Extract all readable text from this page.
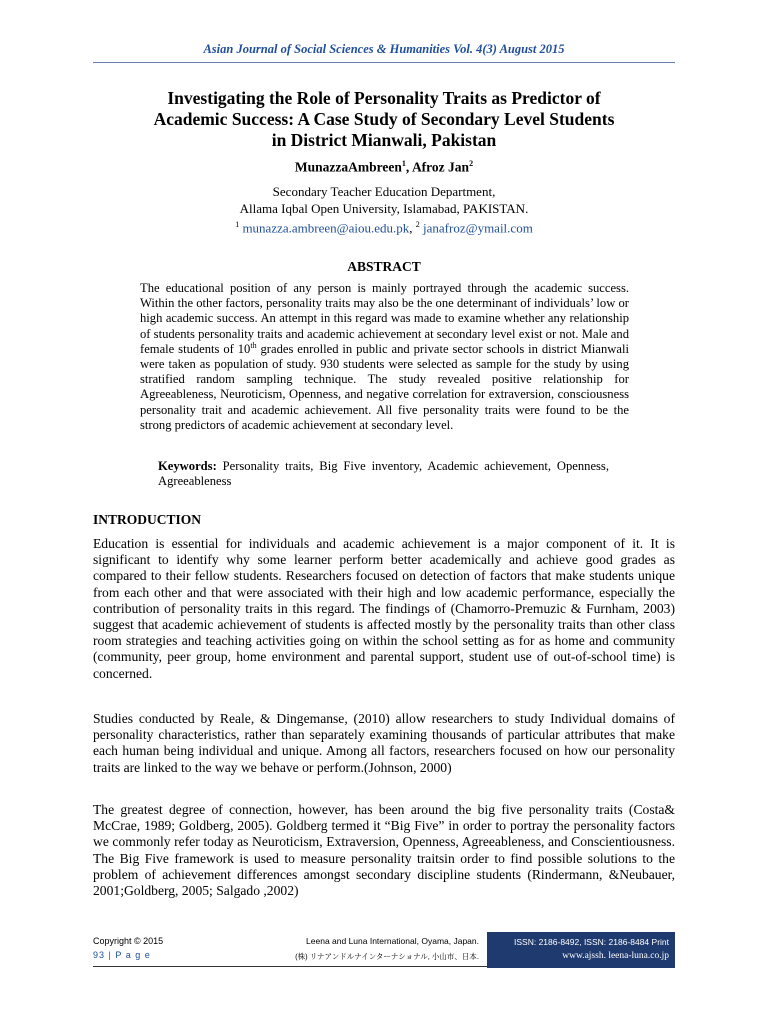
Asian Journal of Social Sciences & Humanities Vol. 4(3) August 2015
Investigating the Role of Personality Traits as Predictor of
Academic Success: A Case Study of Secondary Level Students
in District Mianwali, Pakistan
MunazzaAmbreen$^1$, Afroz Jan$^2$
Secondary Teacher Education Department,
Allama Iqbal Open University, Islamabad, PAKISTAN.
$^1$ munazza.ambreen@aiou.edu.pk, $^2$ janafroz@ymail.com
ABSTRACT
The educational position of any person is mainly portrayed through the academic success. Within the other factors, personality traits may also be the one determinant of individuals’ low or high academic success. An attempt in this regard was made to examine whether any relationship of students personality traits and academic achievement at secondary level exist or not. Male and female students of 10th grades enrolled in public and private sector schools in district Mianwali were taken as population of study. 930 students were selected as sample for the study by using stratified random sampling technique. The study revealed positive relationship for Agreeableness, Neuroticism, Openness, and negative correlation for extraversion, consciousness personality trait and academic achievement. All five personality traits were found to be the strong predictors of academic achievement at secondary level.
Keywords: Personality traits, Big Five inventory, Academic achievement, Openness, Agreeableness
INTRODUCTION
Education is essential for individuals and academic achievement is a major component of it. It is significant to identify why some learner perform better academically and achieve good grades as compared to their fellow students. Researchers focused on detection of factors that make students unique from each other and that were associated with their high and low academic performance, especially the contribution of personality traits in this regard. The findings of (Chamorro-Premuzic & Furnham, 2003) suggest that academic achievement of students is affected mostly by the personality traits than other class room strategies and teaching activities going on within the school setting as for as home and community (community, peer group, home environment and parental support, student use of out-of-school time) is concerned.
Studies conducted by Reale, & Dingemanse, (2010) allow researchers to study Individual domains of personality characteristics, rather than separately examining thousands of particular attributes that make each human being individual and unique. Among all factors, researchers focused on how our personality traits are linked to the way we behave or perform.(Johnson, 2000)
The greatest degree of connection, however, has been around the big five personality traits (Costa& McCrae, 1989; Goldberg, 2005). Goldberg termed it “Big Five” in order to portray the personality factors we commonly refer today as Neuroticism, Extraversion, Openness, Agreeableness, and Conscientiousness. The Big Five framework is used to measure personality traitsin order to find possible solutions to the problem of achievement differences amongst secondary discipline students (Rindermann, &Neubauer, 2001;Goldberg, 2005; Salgado ,2002)
Copyright © 2015
93 | P a g e
Leena and Luna International, Oyama, Japan.
(株) リナアンドルナインターナショナル, 小山市、日本.
ISSN: 2186-8492, ISSN: 2186-8484 Print
www.ajssh. leena-luna.co.jp
